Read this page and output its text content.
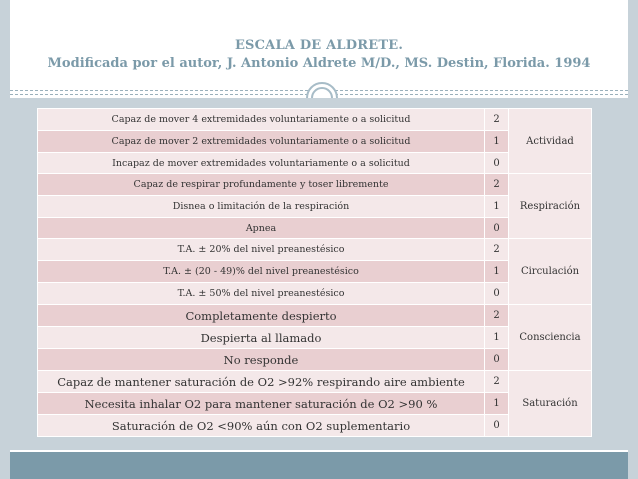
ESCALA DE ALDRETE.
Modificada por el autor, J. Antonio Aldrete M/D., MS. Destin, Florida. 1994
Capaz de mover 4 extremidades voluntariamente o a solicitud	2	Actividad
Capaz de mover 2 extremidades voluntariamente o a solicitud	1	
Incapaz de mover extremidades voluntariamente o a solicitud	0	
Capaz de respirar profundamente y toser libremente	2	Respiración
Disnea o limitación de la respiración	1	
Apnea	0	
T.A. ± 20% del nivel preanestésico	2	Circulación
T.A. ± (20 - 49)% del nivel preanestésico	1	
T.A. ± 50% del nivel preanestésico	0	
Completamente despierto	2	Consciencia
Despierta al llamado	1	
No responde	0	
Capaz de mantener saturación de O2 >92% respirando aire ambiente	2	Saturación
Necesita inhalar O2 para mantener saturación de O2 >90 %	1	
Saturación de O2 <90% aún con O2 suplementario	0	
